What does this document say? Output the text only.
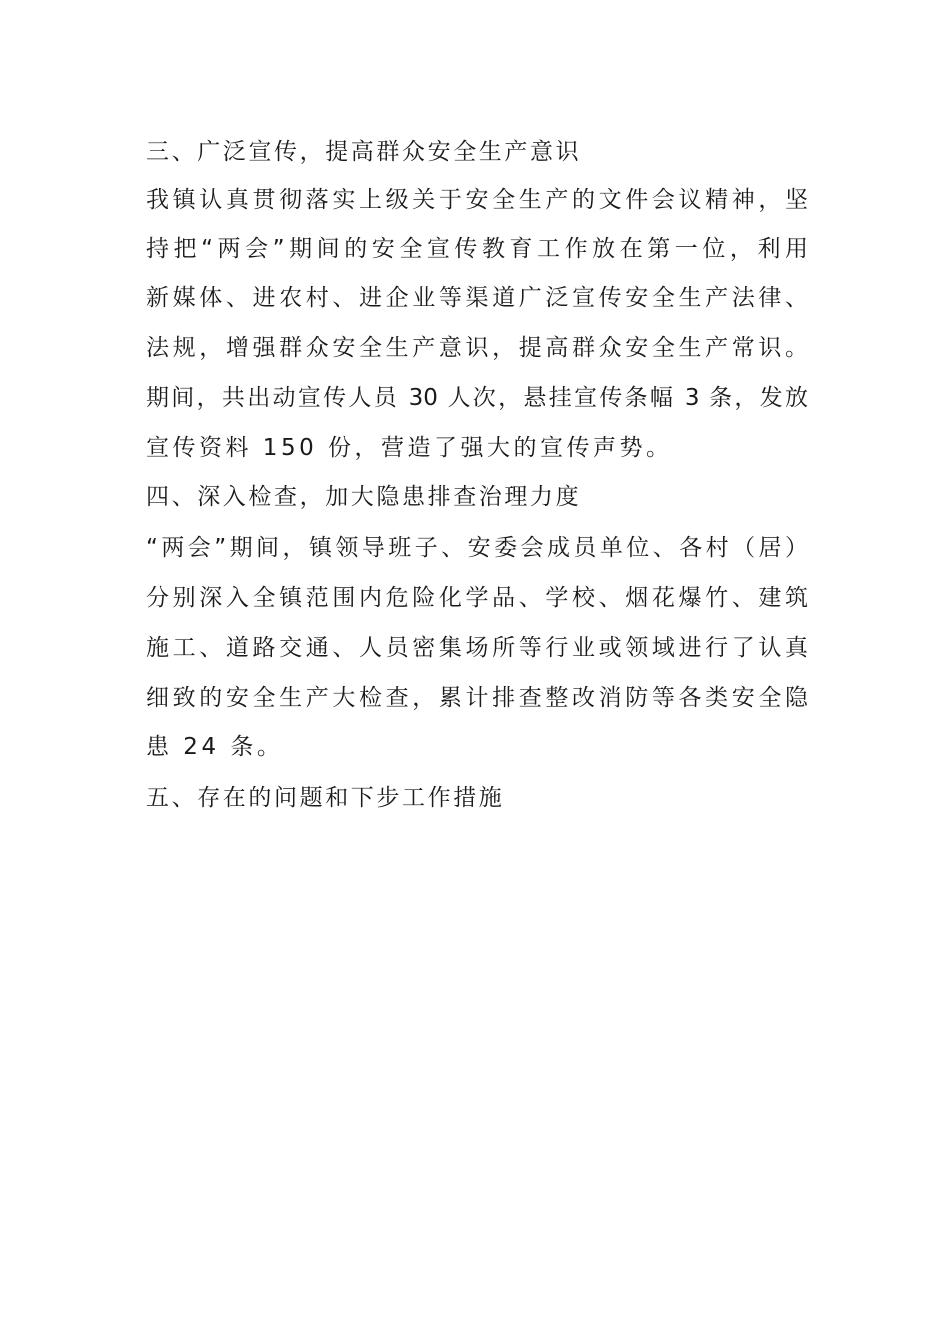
三、广泛宣传，提高群众安全生产意识
我镇认真贯彻落实上级关于安全生产的文件会议精神，坚
持把“两会”期间的安全宣传教育工作放在第一位，利用
新媒体、进农村、进企业等渠道广泛宣传安全生产法律、
法规，增强群众安全生产意识，提高群众安全生产常识。
期间，共出动宣传人员 30 人次，悬挂宣传条幅 3 条，发放
宣传资料 150 份，营造了强大的宣传声势。
四、深入检查，加大隐患排查治理力度
“两会”期间，镇领导班子、安委会成员单位、各村（居）
分别深入全镇范围内危险化学品、学校、烟花爆竹、建筑
施工、道路交通、人员密集场所等行业或领域进行了认真
细致的安全生产大检查，累计排查整改消防等各类安全隐
患 24 条。
五、存在的问题和下步工作措施
